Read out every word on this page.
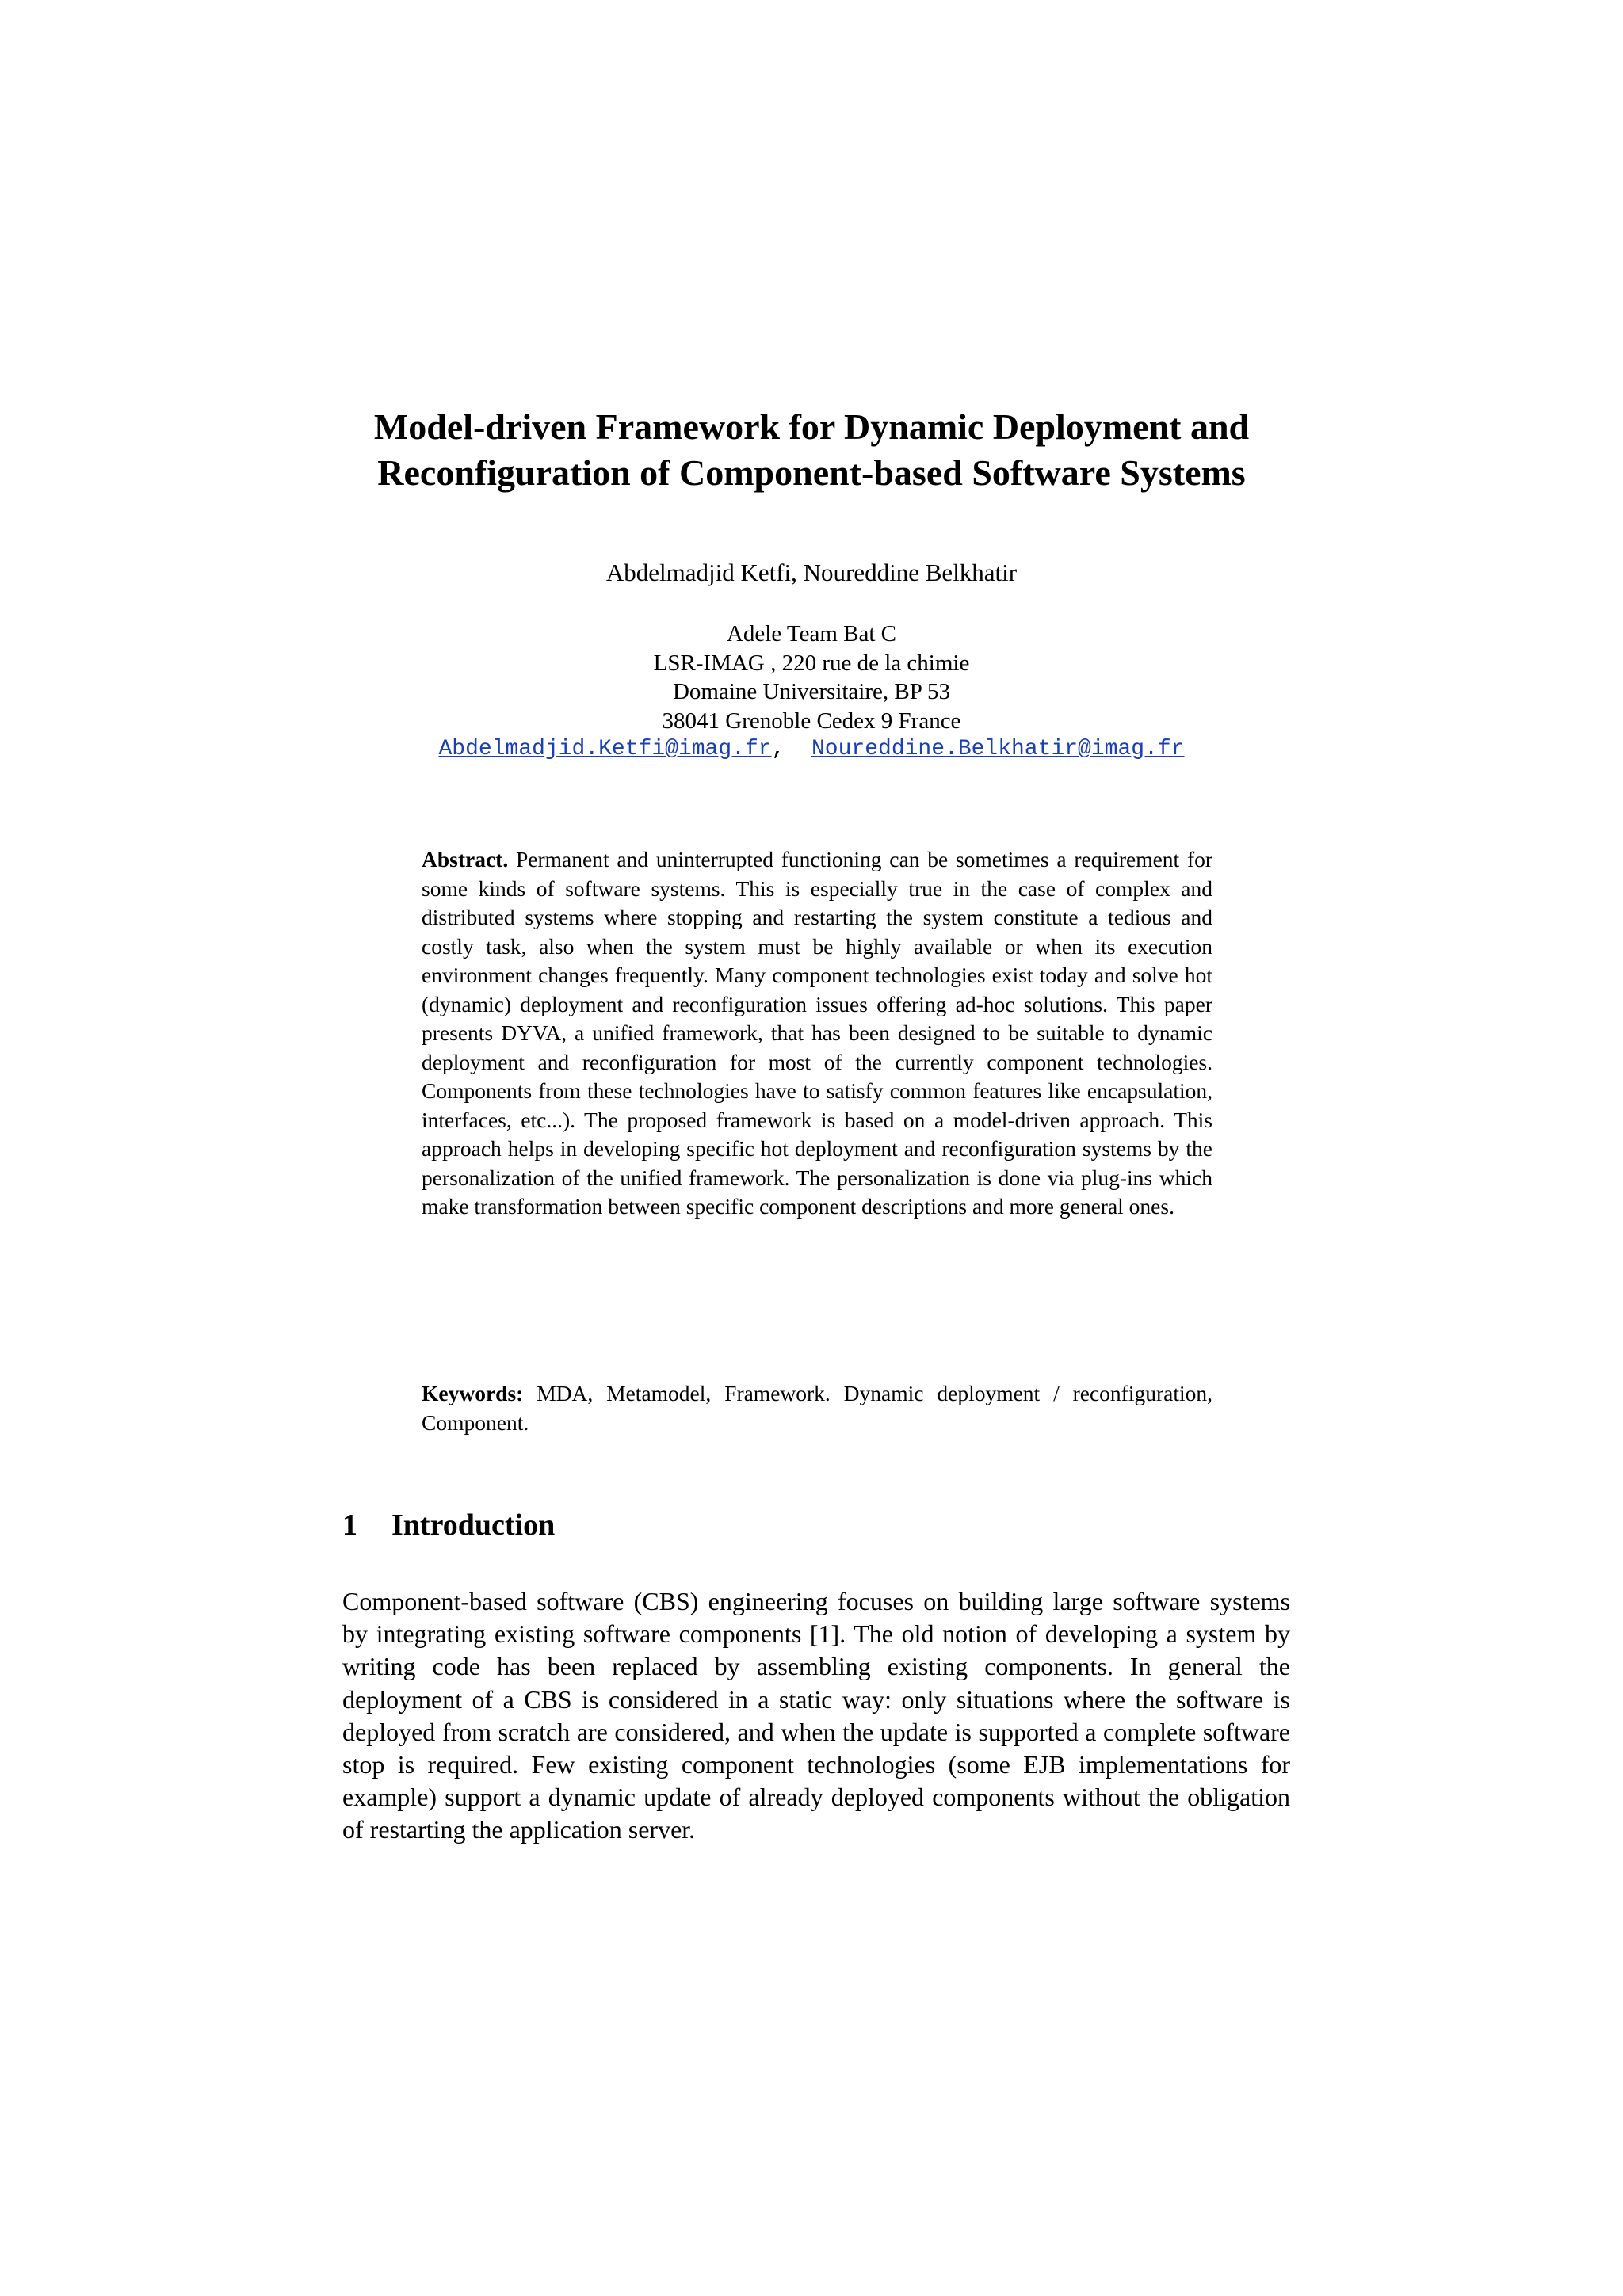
Model-driven Framework for Dynamic Deployment and
Reconfiguration of Component-based Software Systems
Abdelmadjid Ketfi, Noureddine Belkhatir
Adele Team Bat C
LSR-IMAG , 220 rue de la chimie
Domaine Universitaire, BP 53
38041 Grenoble Cedex 9 France
Abdelmadjid.Ketfi@imag.fr, Noureddine.Belkhatir@imag.fr
Abstract. Permanent and uninterrupted functioning can be sometimes a requirement for some kinds of software systems. This is especially true in the case of complex and distributed systems where stopping and restarting the system constitute a tedious and costly task, also when the system must be highly available or when its execution environment changes frequently. Many component technologies exist today and solve hot (dynamic) deployment and reconfiguration issues offering ad-hoc solutions. This paper presents DYVA, a unified framework, that has been designed to be suitable to dynamic deployment and reconfiguration for most of the currently component technologies. Components from these technologies have to satisfy common features like encapsulation, interfaces, etc...). The proposed framework is based on a model-driven approach. This approach helps in developing specific hot deployment and reconfiguration systems by the personalization of the unified framework. The personalization is done via plug-ins which make transformation between specific component descriptions and more general ones.
Keywords: MDA, Metamodel, Framework. Dynamic deployment / reconfiguration, Component.
1 Introduction
Component-based software (CBS) engineering focuses on building large software systems by integrating existing software components [1]. The old notion of developing a system by writing code has been replaced by assembling existing components. In general the deployment of a CBS is considered in a static way: only situations where the software is deployed from scratch are considered, and when the update is supported a complete software stop is required. Few existing component technologies (some EJB implementations for example) support a dynamic update of already deployed components without the obligation of restarting the application server.
